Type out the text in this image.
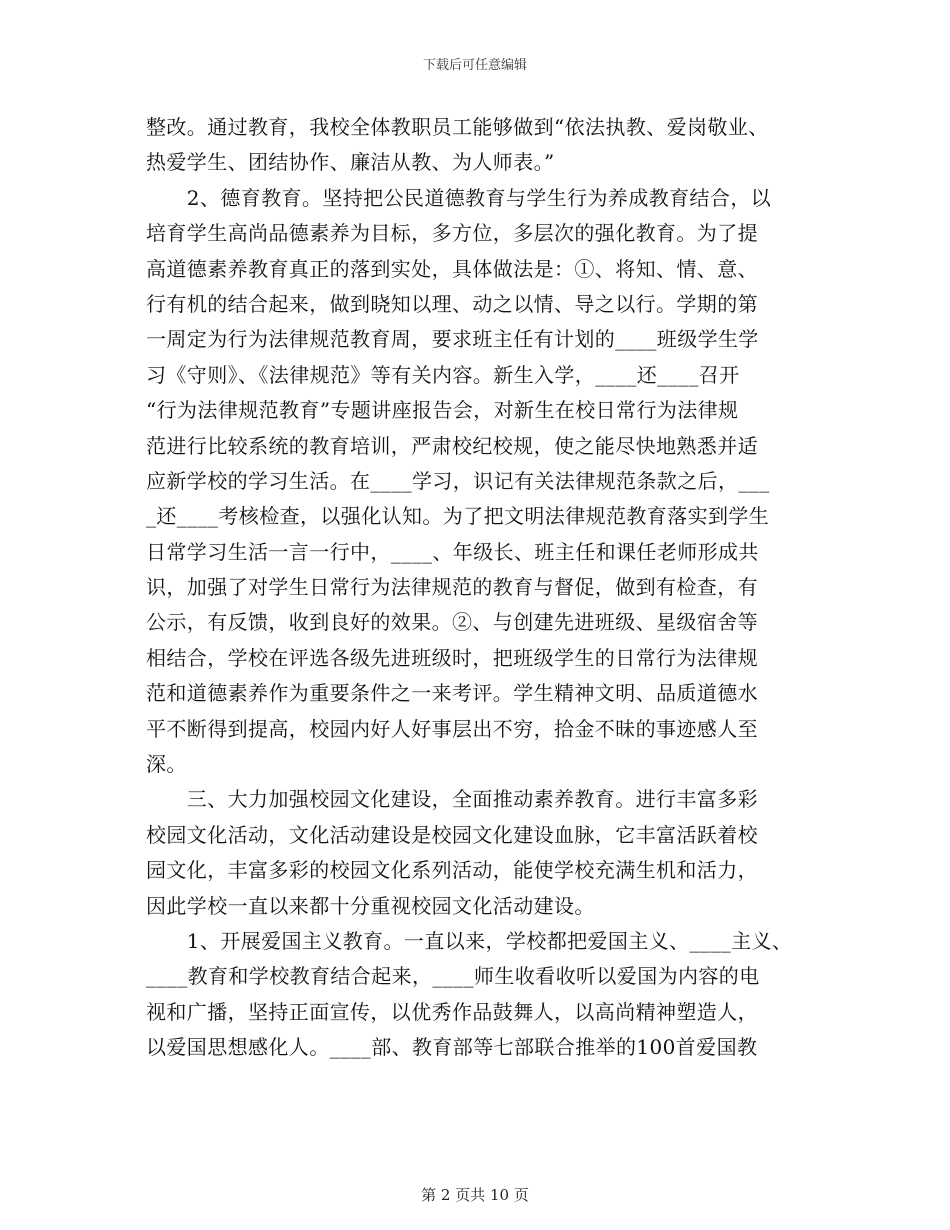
下载后可任意编辑
整改。通过教育，我校全体教职员工能够做到“依法执教、爱岗敬业、
热爱学生、团结协作、廉洁从教、为人师表。”
　　2、德育教育。坚持把公民道德教育与学生行为养成教育结合，以
培育学生高尚品德素养为目标，多方位，多层次的强化教育。为了提
高道德素养教育真正的落到实处，具体做法是：①、将知、情、意、
行有机的结合起来，做到晓知以理、动之以情、导之以行。学期的第
一周定为行为法律规范教育周，要求班主任有计划的____班级学生学
习《守则》、《法律规范》等有关内容。新生入学，____还____召开
“行为法律规范教育”专题讲座报告会，对新生在校日常行为法律规
范进行比较系统的教育培训，严肃校纪校规，使之能尽快地熟悉并适
应新学校的学习生活。在____学习，识记有关法律规范条款之后，___
_还____考核检查，以强化认知。为了把文明法律规范教育落实到学生
日常学习生活一言一行中，____、年级长、班主任和课任老师形成共
识，加强了对学生日常行为法律规范的教育与督促，做到有检查，有
公示，有反馈，收到良好的效果。②、与创建先进班级、星级宿舍等
相结合，学校在评选各级先进班级时，把班级学生的日常行为法律规
范和道德素养作为重要条件之一来考评。学生精神文明、品质道德水
平不断得到提高，校园内好人好事层出不穷，拾金不昧的事迹感人至
深。
　　三、大力加强校园文化建设，全面推动素养教育。进行丰富多彩
校园文化活动，文化活动建设是校园文化建设血脉，它丰富活跃着校
园文化，丰富多彩的校园文化系列活动，能使学校充满生机和活力，
因此学校一直以来都十分重视校园文化活动建设。
　　1、开展爱国主义教育。一直以来，学校都把爱国主义、____主义、
____教育和学校教育结合起来，____师生收看收听以爱国为内容的电
视和广播，坚持正面宣传，以优秀作品鼓舞人，以高尚精神塑造人，
以爱国思想感化人。____部、教育部等七部联合推举的100首爱国教
第 2 页共 10 页
